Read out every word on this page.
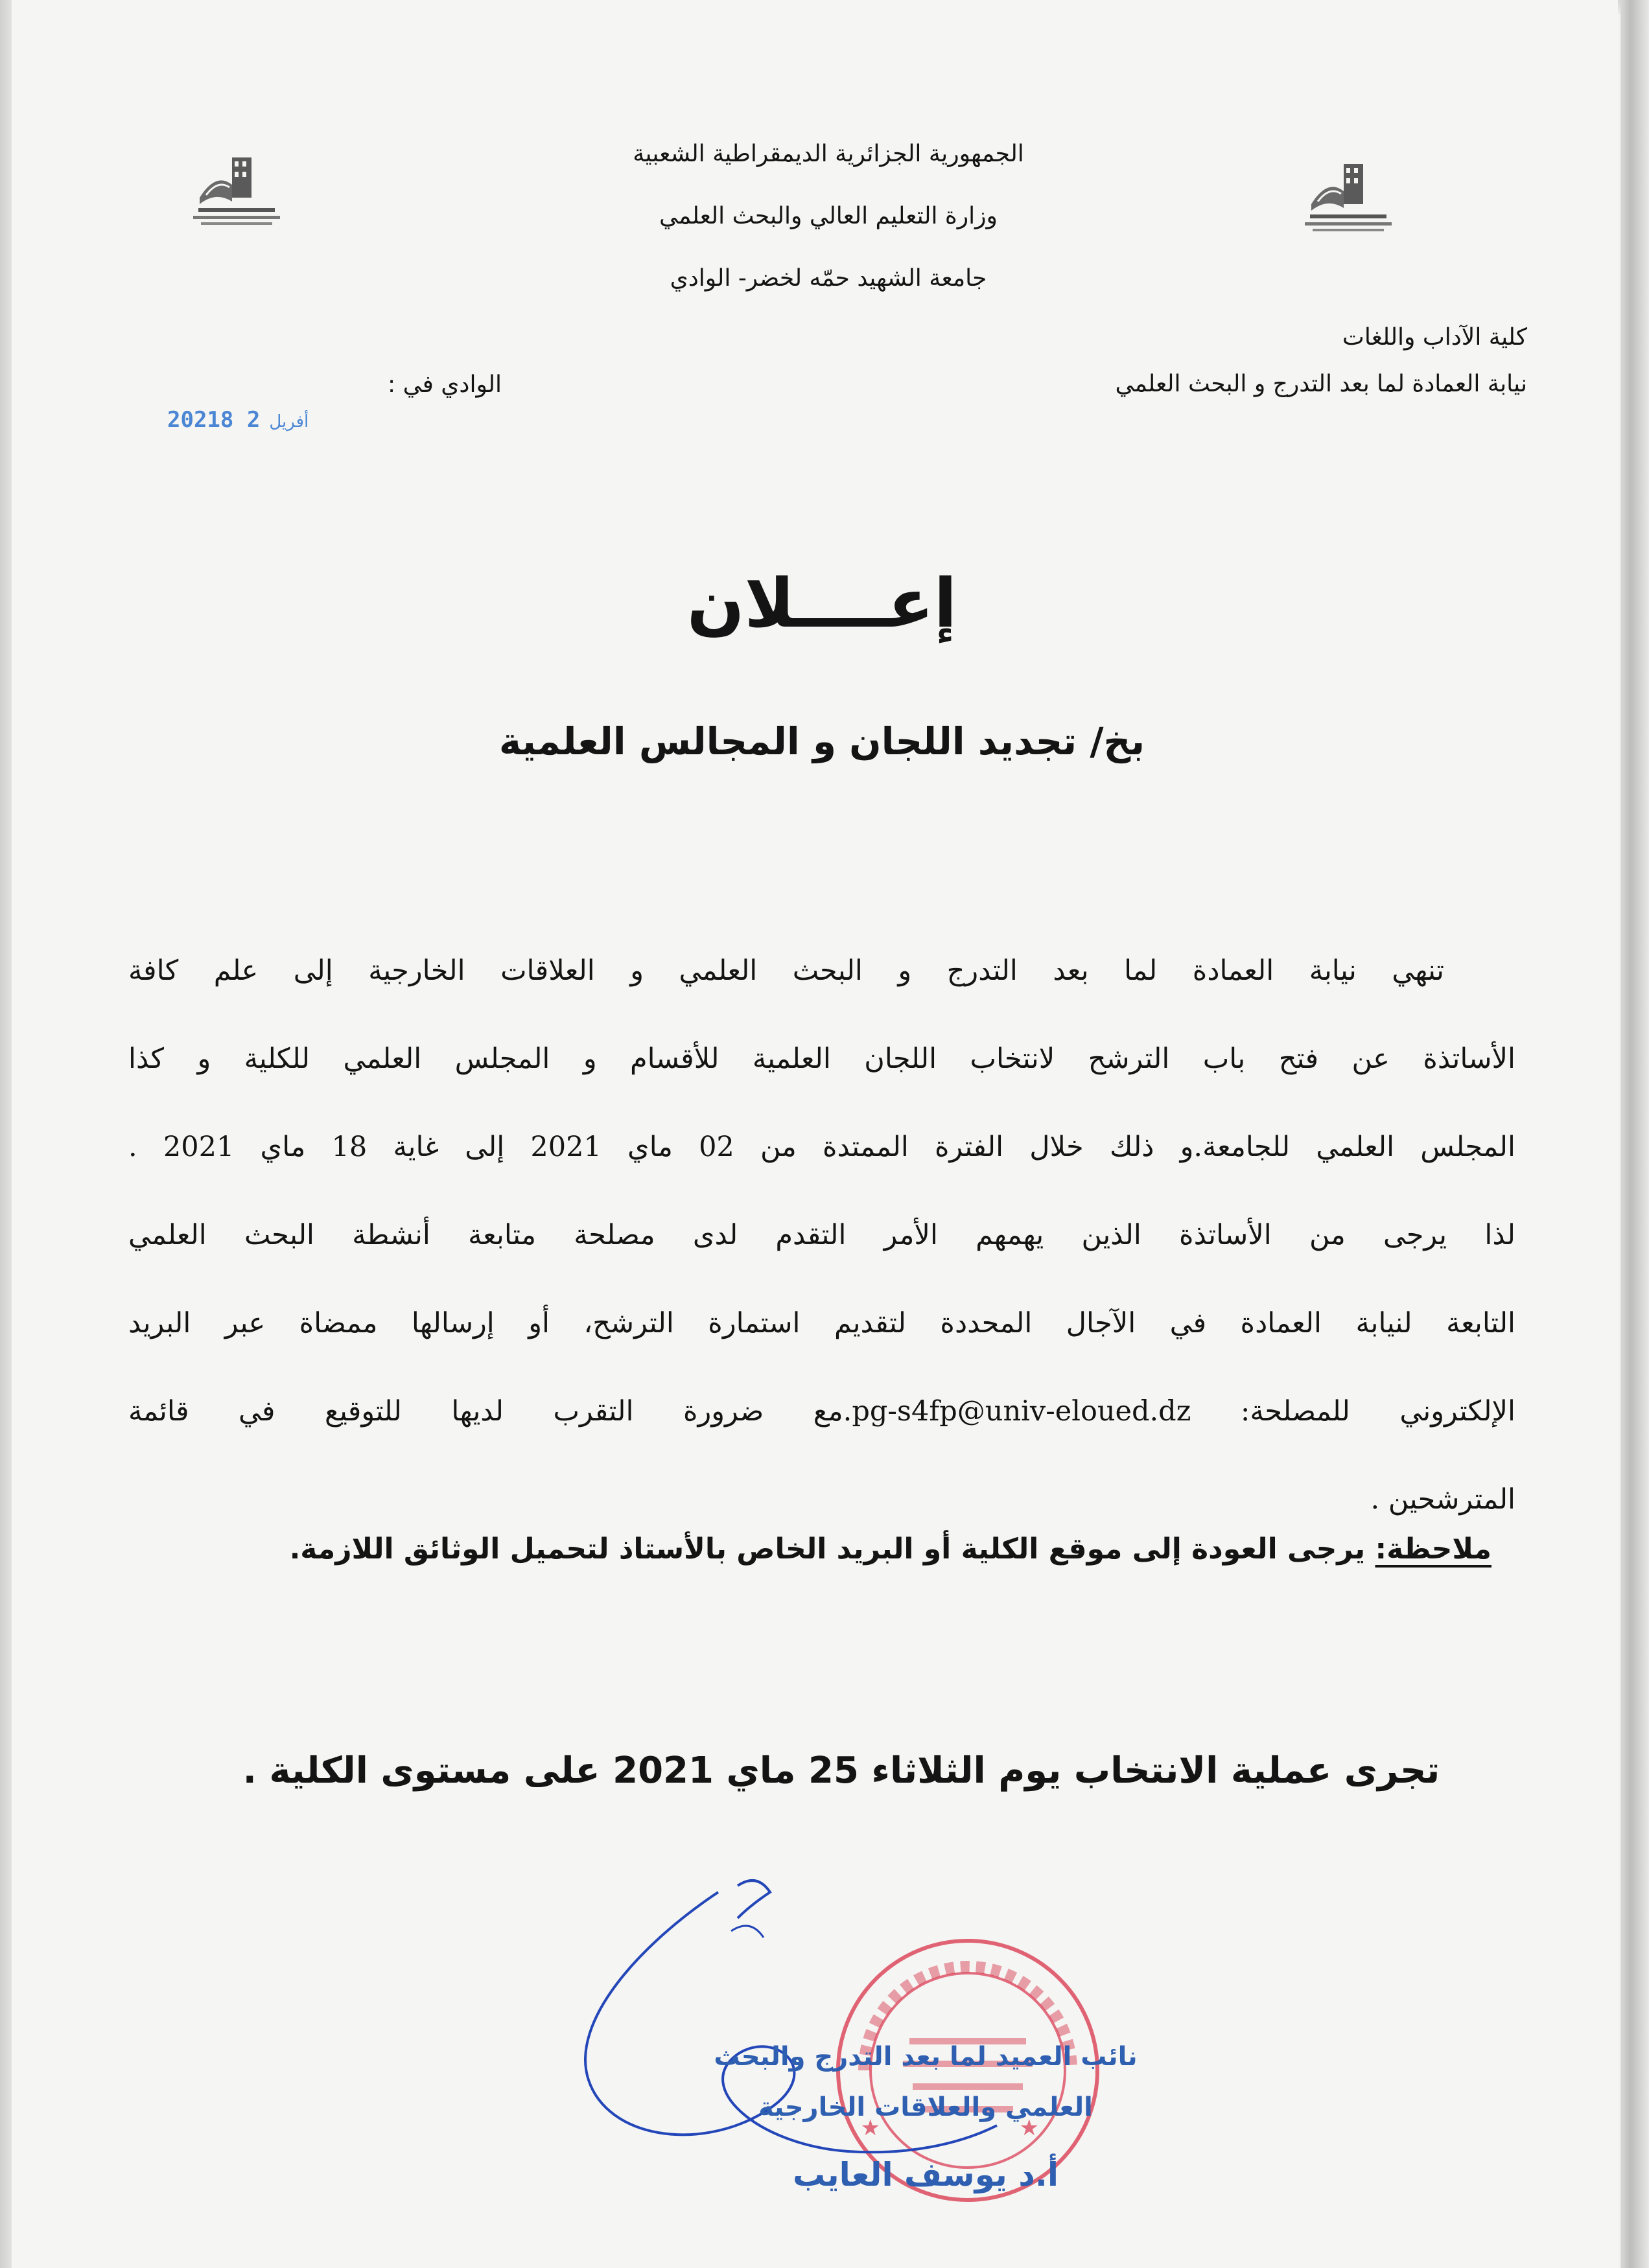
الجمهورية الجزائرية الديمقراطية الشعبية
وزارة التعليم العالي والبحث العلمي
جامعة الشهيد حمّه لخضر- الوادي
كلية الآداب واللغات
نيابة العمادة لما بعد التدرج و البحث العلمي
الوادي في :
2021	أفريل2 8
إعــــلان
بخ/ تجديد اللجان و المجالس العلمية
تنهي نيابة العمادة لما بعد التدرج و البحث العلمي و العلاقات الخارجية إلى علم كافة
الأساتذة عن فتح باب الترشح لانتخاب اللجان العلمية للأقسام و المجلس العلمي للكلية و كذا
المجلس العلمي للجامعة.و ذلك خلال الفترة الممتدة من 02 ماي 2021 إلى غاية 18 ماي 2021 .
لذا يرجى من الأساتذة الذين يهمهم الأمر التقدم لدى مصلحة متابعة أنشطة البحث العلمي
التابعة لنيابة العمادة في الآجال المحددة لتقديم استمارة الترشح، أو إرسالها ممضاة عبر البريد
الإلكتروني للمصلحة: pg-s4fp@univ-eloued.dz.مع ضرورة التقرب لديها للتوقيع في قائمة
المترشحين .
ملاحظة: يرجى العودة إلى موقع الكلية أو البريد الخاص بالأستاذ لتحميل الوثائق اللازمة.
تجرى عملية الانتخاب يوم الثلاثاء 25 ماي 2021 على مستوى الكلية .
★	★
نائب العميد لما بعد التدرج والبحث
العلمي والعلاقات الخارجية
أ.د يوسف العايب
